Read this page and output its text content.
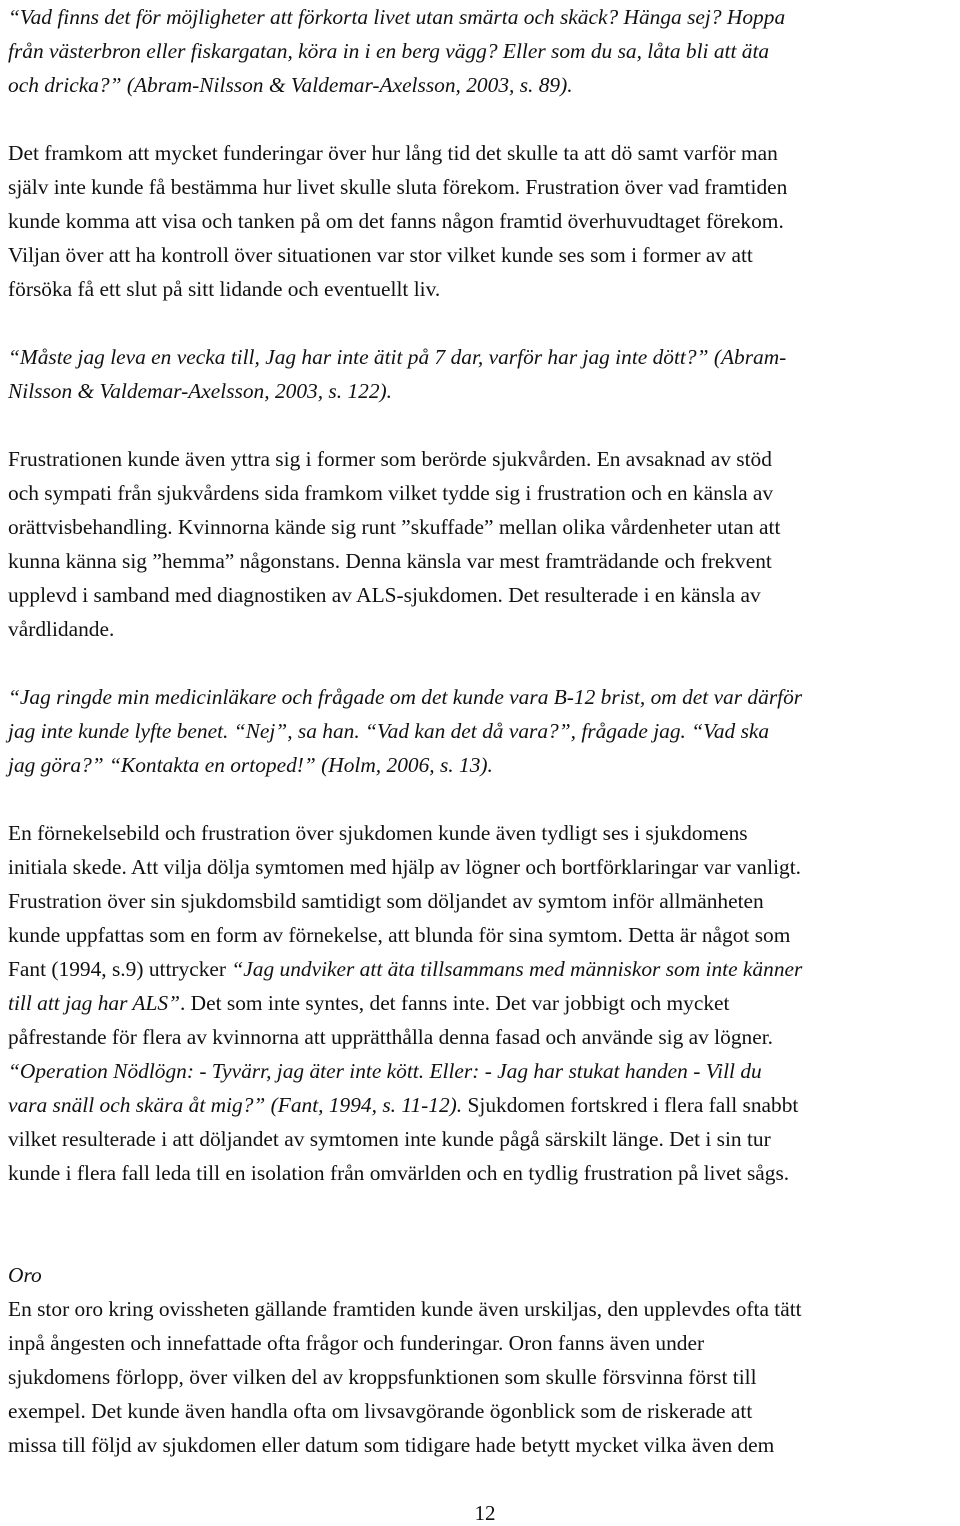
“Vad finns det för möjligheter att förkorta livet utan smärta och skäck? Hänga sej? Hoppa
från västerbron eller fiskargatan, köra in i en berg vägg? Eller som du sa, låta bli att äta
och dricka?” (Abram-Nilsson & Valdemar-Axelsson, 2003, s. 89).
Det framkom att mycket funderingar över hur lång tid det skulle ta att dö samt varför man
själv inte kunde få bestämma hur livet skulle sluta förekom. Frustration över vad framtiden
kunde komma att visa och tanken på om det fanns någon framtid överhuvudtaget förekom.
Viljan över att ha kontroll över situationen var stor vilket kunde ses som i former av att
försöka få ett slut på sitt lidande och eventuellt liv.
“Måste jag leva en vecka till, Jag har inte ätit på 7 dar, varför har jag inte dött?” (Abram-
Nilsson & Valdemar-Axelsson, 2003, s. 122).
Frustrationen kunde även yttra sig i former som berörde sjukvården. En avsaknad av stöd
och sympati från sjukvårdens sida framkom vilket tydde sig i frustration och en känsla av
orättvisbehandling. Kvinnorna kände sig runt ”skuffade” mellan olika vårdenheter utan att
kunna känna sig ”hemma” någonstans. Denna känsla var mest framträdande och frekvent
upplevd i samband med diagnostiken av ALS-sjukdomen. Det resulterade i en känsla av
vårdlidande.
“Jag ringde min medicinläkare och frågade om det kunde vara B-12 brist, om det var därför
jag inte kunde lyfte benet. “Nej”, sa han. “Vad kan det då vara?”, frågade jag. “Vad ska
jag göra?” “Kontakta en ortoped!” (Holm, 2006, s. 13).
En förnekelsebild och frustration över sjukdomen kunde även tydligt ses i sjukdomens
initiala skede. Att vilja dölja symtomen med hjälp av lögner och bortförklaringar var vanligt.
Frustration över sin sjukdomsbild samtidigt som döljandet av symtom inför allmänheten
kunde uppfattas som en form av förnekelse, att blunda för sina symtom. Detta är något som
Fant (1994, s.9) uttrycker “Jag undviker att äta tillsammans med människor som inte känner
till att jag har ALS”. Det som inte syntes, det fanns inte. Det var jobbigt och mycket
påfrestande för flera av kvinnorna att upprätthålla denna fasad och använde sig av lögner.
“Operation Nödlögn: - Tyvärr, jag äter inte kött. Eller: - Jag har stukat handen - Vill du
vara snäll och skära åt mig?” (Fant, 1994, s. 11-12). Sjukdomen fortskred i flera fall snabbt
vilket resulterade i att döljandet av symtomen inte kunde pågå särskilt länge. Det i sin tur
kunde i flera fall leda till en isolation från omvärlden och en tydlig frustration på livet sågs.
Oro
En stor oro kring ovissheten gällande framtiden kunde även urskiljas, den upplevdes ofta tätt
inpå ångesten och innefattade ofta frågor och funderingar. Oron fanns även under
sjukdomens förlopp, över vilken del av kroppsfunktionen som skulle försvinna först till
exempel. Det kunde även handla ofta om livsavgörande ögonblick som de riskerade att
missa till följd av sjukdomen eller datum som tidigare hade betytt mycket vilka även dem
12
